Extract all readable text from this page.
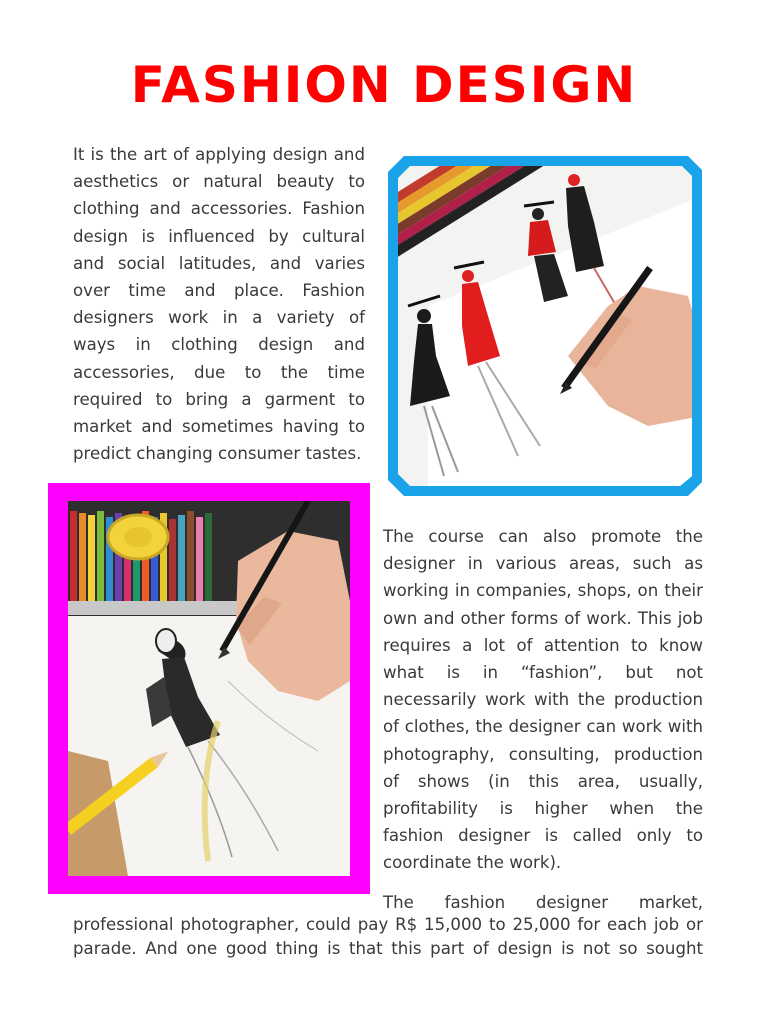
FASHION DESIGN

It is the art of applying design and aesthetics or natural beauty to clothing and accessories. Fashion design is influenced by cultural and social latitudes, and varies over time and place. Fashion designers work in a variety of ways in clothing design and accessories, due to the time required to bring a garment to market and sometimes having to predict changing consumer tastes.

The course can also promote the designer in various areas, such as working in companies, shops, on their own and other forms of work. This job requires a lot of attention to know what is in “fashion”, but not necessarily work with the production of clothes, the designer can work with photography, consulting, production of shows (in this area, usually, profitability is higher when the fashion designer is called only to coordinate the work).

The fashion designer market,

professional photographer, could pay R$ 15,000 to 25,000 for each job or parade. And one good thing is that this part of design is not so sought
